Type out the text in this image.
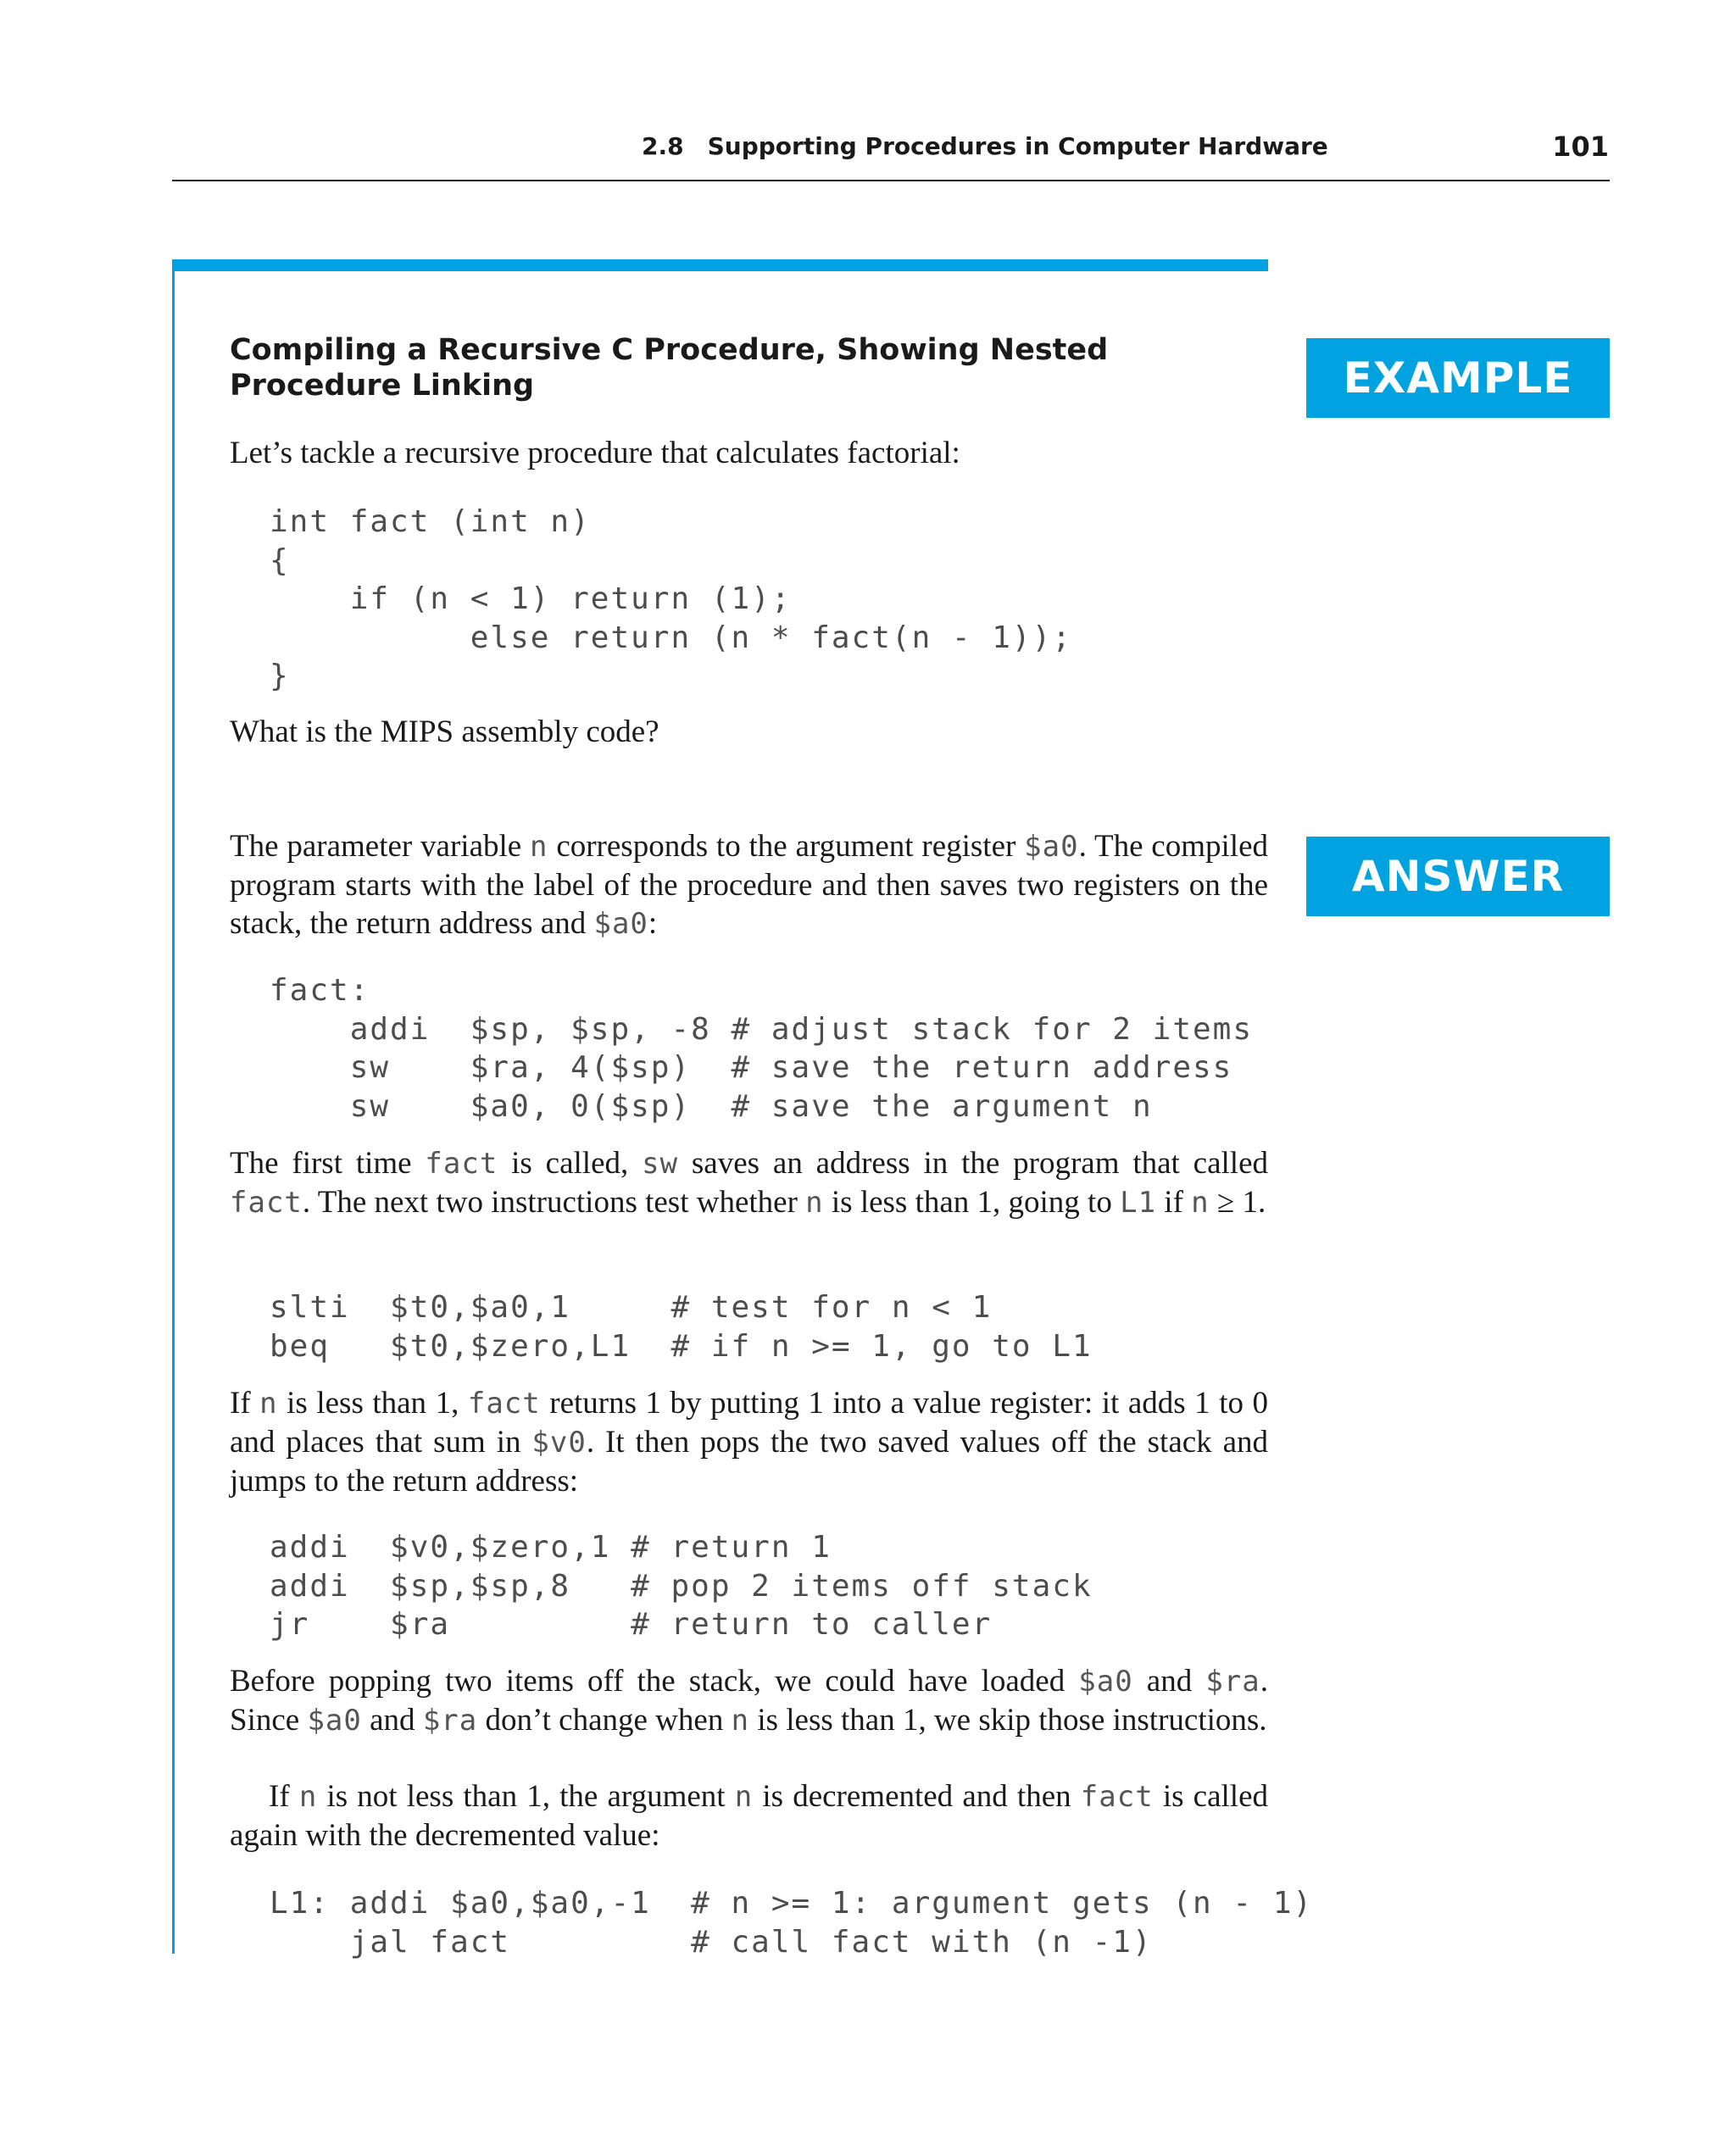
2.8 Supporting Procedures in Computer Hardware	101
EXAMPLE
ANSWER
Compiling a Recursive C Procedure, Showing Nested Procedure Linking

Let’s tackle a recursive procedure that calculates factorial:

int fact (int n)
{
if (n < 1) return (1);
else return (n * fact(n - 1));
}

What is the MIPS assembly code?

The parameter variable n corresponds to the argument register $a0. The compiled program starts with the label of the procedure and then saves two registers on the stack, the return address and $a0:

fact:
addi  $sp, $sp, -8 # adjust stack for 2 items
sw    $ra, 4($sp)  # save the return address
sw    $a0, 0($sp)  # save the argument n

The first time fact is called, sw saves an address in the program that called fact. The next two instructions test whether n is less than 1, going to L1 if n ≥ 1.

slti  $t0,$a0,1     # test for n < 1
beq   $t0,$zero,L1  # if n >= 1, go to L1

If n is less than 1, fact returns 1 by putting 1 into a value register: it adds 1 to 0 and places that sum in $v0. It then pops the two saved values off the stack and jumps to the return address:

addi  $v0,$zero,1 # return 1
addi  $sp,$sp,8   # pop 2 items off stack
jr    $ra         # return to caller

Before popping two items off the stack, we could have loaded $a0 and $ra. Since $a0 and $ra don’t change when n is less than 1, we skip those instructions.

If n is not less than 1, the argument n is decremented and then fact is called again with the decremented value:

L1: addi $a0,$a0,-1  # n >= 1: argument gets (n - 1)
jal fact         # call fact with (n -1)
